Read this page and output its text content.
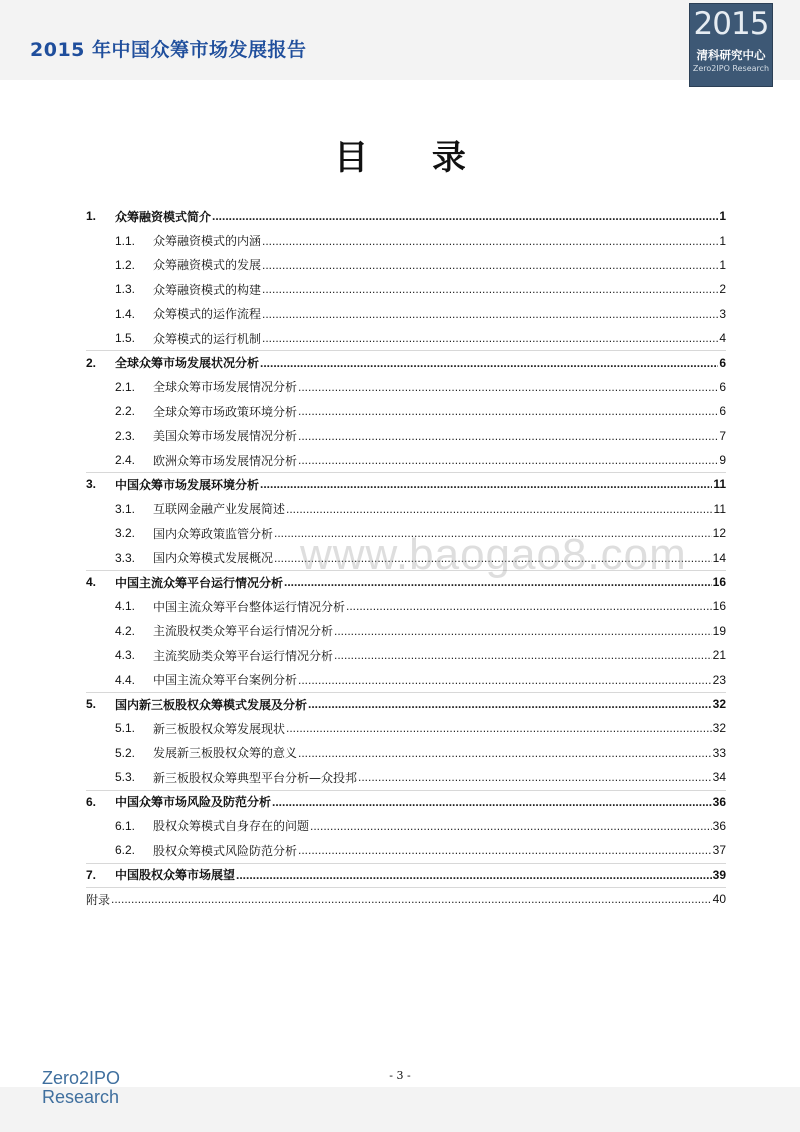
2015 年中国众筹市场发展报告
2015
清科研究中心
Zero2IPO Research
目 录
1.	众筹融资模式简介 .....	1
1.1.	众筹融资模式的内涵 .....	1
1.2.	众筹融资模式的发展 .....	1
1.3.	众筹融资模式的构建 .....	2
1.4.	众筹模式的运作流程 .....	3
1.5.	众筹模式的运行机制 .....	4
2.	全球众筹市场发展状况分析 .....	6
2.1.	全球众筹市场发展情况分析 .....	6
2.2.	全球众筹市场政策环境分析 .....	6
2.3.	美国众筹市场发展情况分析 .....	7
2.4.	欧洲众筹市场发展情况分析 .....	9
3.	中国众筹市场发展环境分析 .....	11
3.1.	互联网金融产业发展简述 .....	11
3.2.	国内众筹政策监管分析 .....	12
3.3.	国内众筹模式发展概况 .....	14
4.	中国主流众筹平台运行情况分析 .....	16
4.1.	中国主流众筹平台整体运行情况分析 .....	16
4.2.	主流股权类众筹平台运行情况分析 .....	19
4.3.	主流奖励类众筹平台运行情况分析 .....	21
4.4.	中国主流众筹平台案例分析 .....	23
5.	国内新三板股权众筹模式发展及分析 .....	32
5.1.	新三板股权众筹发展现状 .....	32
5.2.	发展新三板股权众筹的意义 .....	33
5.3.	新三板股权众筹典型平台分析—众投邦 .....	34
6.	中国众筹市场风险及防范分析 .....	36
6.1.	股权众筹模式自身存在的问题 .....	36
6.2.	股权众筹模式风险防范分析 .....	37
7.	中国股权众筹市场展望 .....	39
附录 .....	40
www.baogao8.com
- 3 -
Zero2IPO
Research
